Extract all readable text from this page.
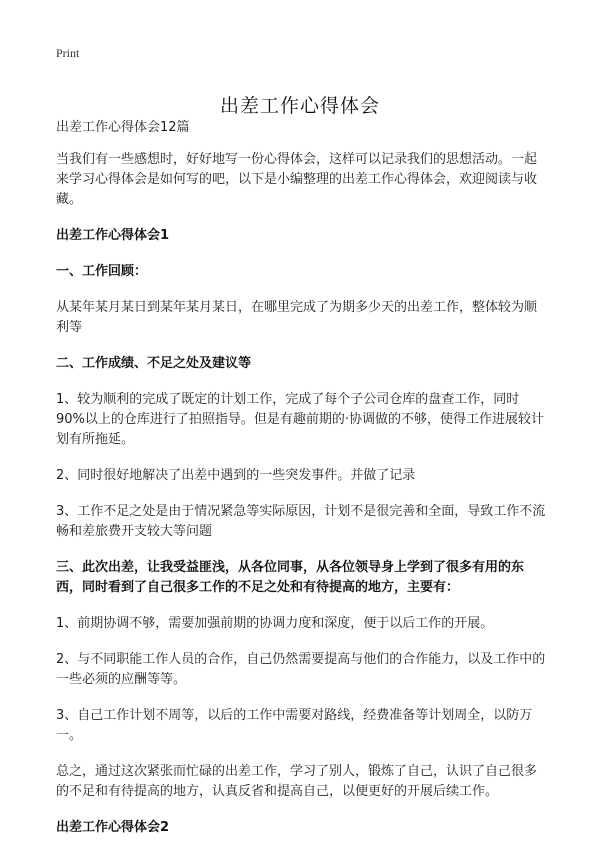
Print
出差工作心得体会

出差工作心得体会12篇

当我们有一些感想时，好好地写一份心得体会，这样可以记录我们的思想活动。一起来学习心得体会是如何写的吧，以下是小编整理的出差工作心得体会，欢迎阅读与收藏。

出差工作心得体会1

一、工作回顾：

从某年某月某日到某年某月某日，在哪里完成了为期多少天的出差工作，整体较为顺利等

二、工作成绩、不足之处及建议等

1、较为顺利的完成了既定的计划工作，完成了每个子公司仓库的盘查工作，同时90%以上的仓库进行了拍照指导。但是有趣前期的·协调做的不够，使得工作进展较计划有所拖延。

2、同时很好地解决了出差中遇到的一些突发事件。并做了记录

3、工作不足之处是由于情况紧急等实际原因，计划不是很完善和全面，导致工作不流畅和差旅费开支较大等问题

三、此次出差，让我受益匪浅，从各位同事，从各位领导身上学到了很多有用的东西，同时看到了自己很多工作的不足之处和有待提高的地方，主要有：

1、前期协调不够，需要加强前期的协调力度和深度，便于以后工作的开展。

2、与不同职能工作人员的合作，自己仍然需要提高与他们的合作能力，以及工作中的一些必须的应酬等等。

3、自己工作计划不周等，以后的工作中需要对路线，经费准备等计划周全，以防万一。

总之，通过这次紧张而忙碌的出差工作，学习了别人，锻炼了自己，认识了自己很多的不足和有待提高的地方，认真反省和提高自己，以便更好的开展后续工作。

出差工作心得体会2
